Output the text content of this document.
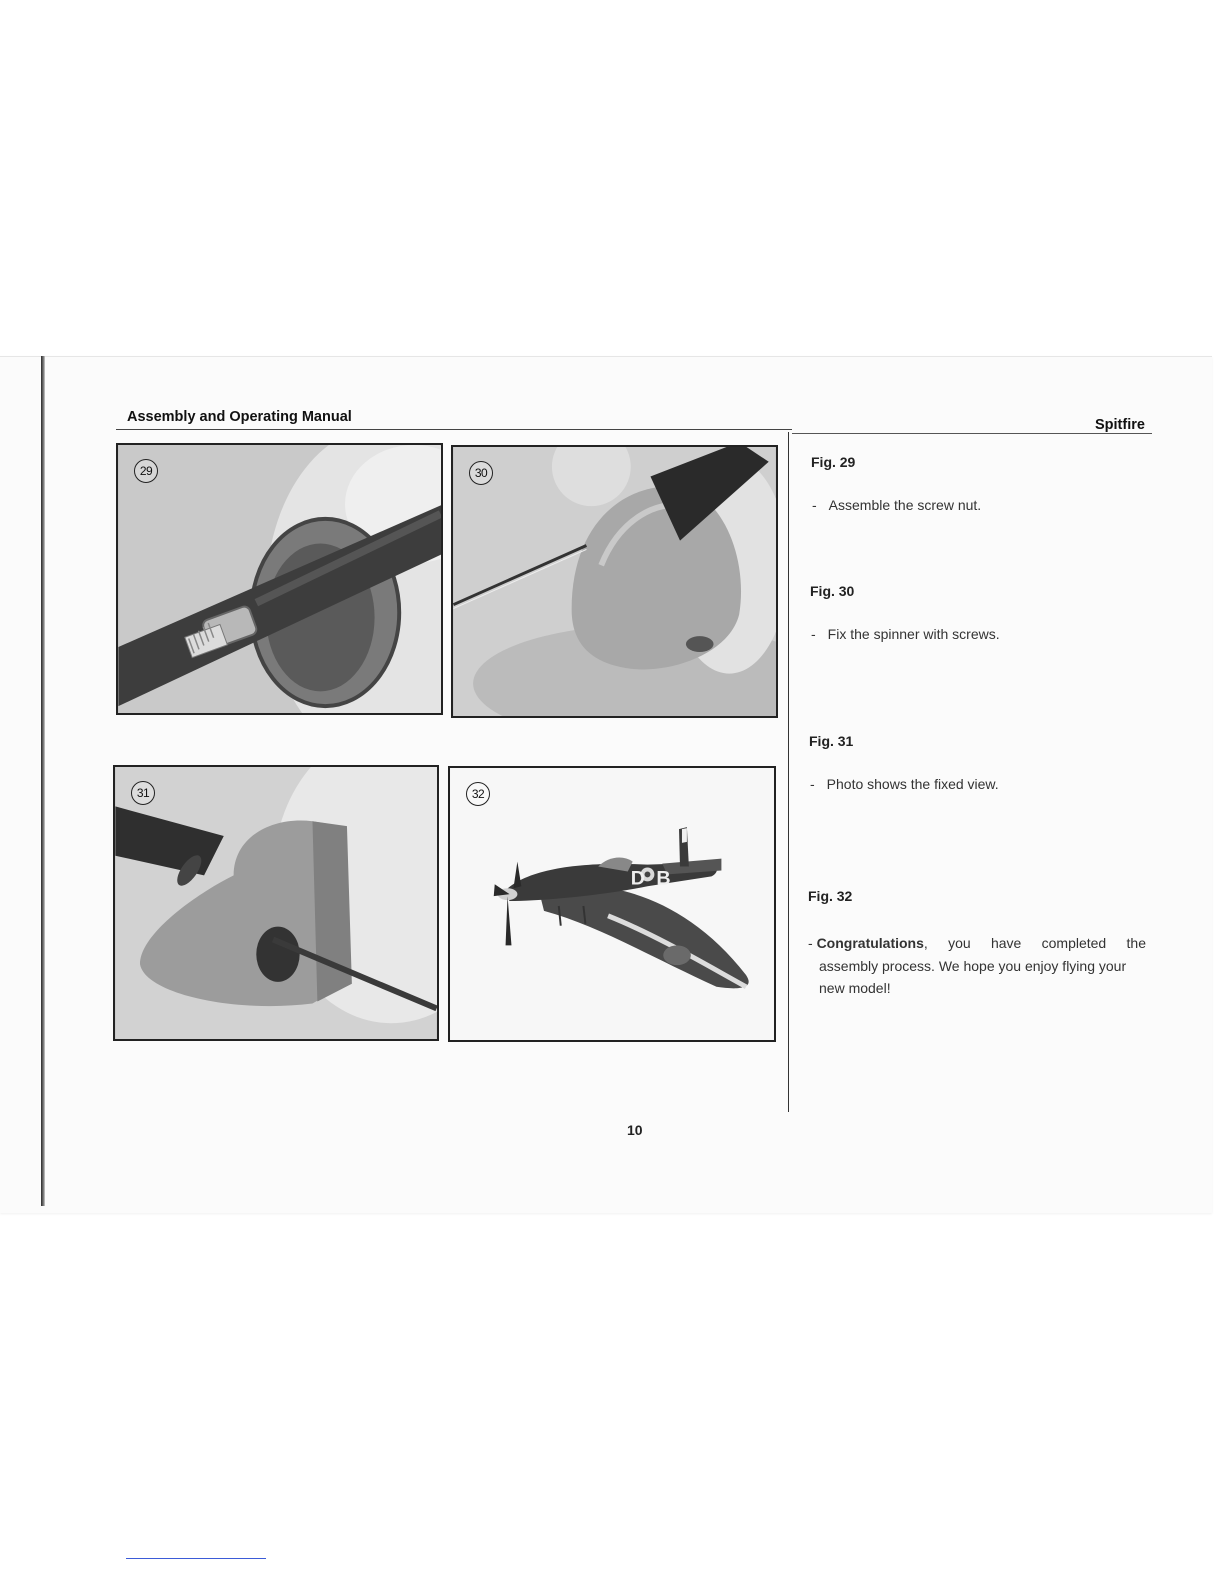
Assembly and Operating Manual	Spitfire
29	30
31
D B
32
Fig. 29
- Assemble the screw nut.
Fig. 30
- Fix the spinner with screws.
Fig. 31
- Photo shows the fixed view.
Fig. 32
- Congratulations, you have completed the
assembly process. We hope you enjoy flying your
new model!
10
